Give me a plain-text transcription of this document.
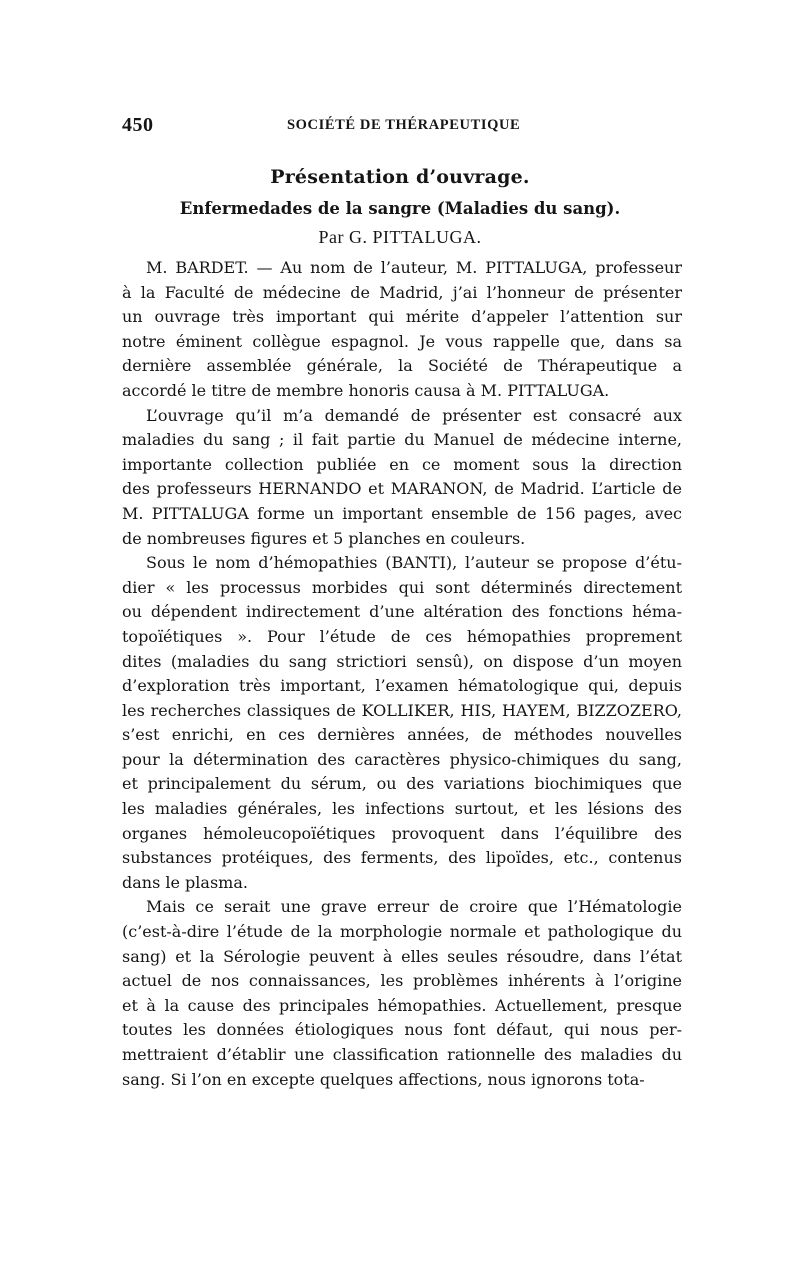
450	SOCIÉTÉ DE THÉRAPEUTIQUE
Présentation d’ouvrage.
Enfermedades de la sangre (Maladies du sang).
Par G. PITTALUGA.
M. BARDET. — Au nom de l’auteur, M. PITTALUGA, professeur
à la Faculté de médecine de Madrid, j’ai l’honneur de présenter
un ouvrage très important qui mérite d’appeler l’attention sur
notre éminent collègue espagnol. Je vous rappelle que, dans sa
dernière assemblée générale, la Société de Thérapeutique a
accordé le titre de membre honoris causa à M. PITTALUGA.
L’ouvrage qu’il m’a demandé de présenter est consacré aux
maladies du sang ; il fait partie du Manuel de médecine interne,
importante collection publiée en ce moment sous la direction
des professeurs HERNANDO et MARANON, de Madrid. L’article de
M. PITTALUGA forme un important ensemble de 156 pages, avec
de nombreuses figures et 5 planches en couleurs.
Sous le nom d’hémopathies (BANTI), l’auteur se propose d’étu-
dier « les processus morbides qui sont déterminés directement
ou dépendent indirectement d’une altération des fonctions héma-
topoïétiques ». Pour l’étude de ces hémopathies proprement
dites (maladies du sang strictiori sensû), on dispose d’un moyen
d’exploration très important, l’examen hématologique qui, depuis
les recherches classiques de KOLLIKER, HIS, HAYEM, BIZZOZERO,
s’est enrichi, en ces dernières années, de méthodes nouvelles
pour la détermination des caractères physico-chimiques du sang,
et principalement du sérum, ou des variations biochimiques que
les maladies générales, les infections surtout, et les lésions des
organes hémoleucopoïétiques provoquent dans l’équilibre des
substances protéiques, des ferments, des lipoïdes, etc., contenus
dans le plasma.
Mais ce serait une grave erreur de croire que l’Hématologie
(c’est-à-dire l’étude de la morphologie normale et pathologique du
sang) et la Sérologie peuvent à elles seules résoudre, dans l’état
actuel de nos connaissances, les problèmes inhérents à l’origine
et à la cause des principales hémopathies. Actuellement, presque
toutes les données étiologiques nous font défaut, qui nous per-
mettraient d’établir une classification rationnelle des maladies du
sang. Si l’on en excepte quelques affections, nous ignorons tota-
